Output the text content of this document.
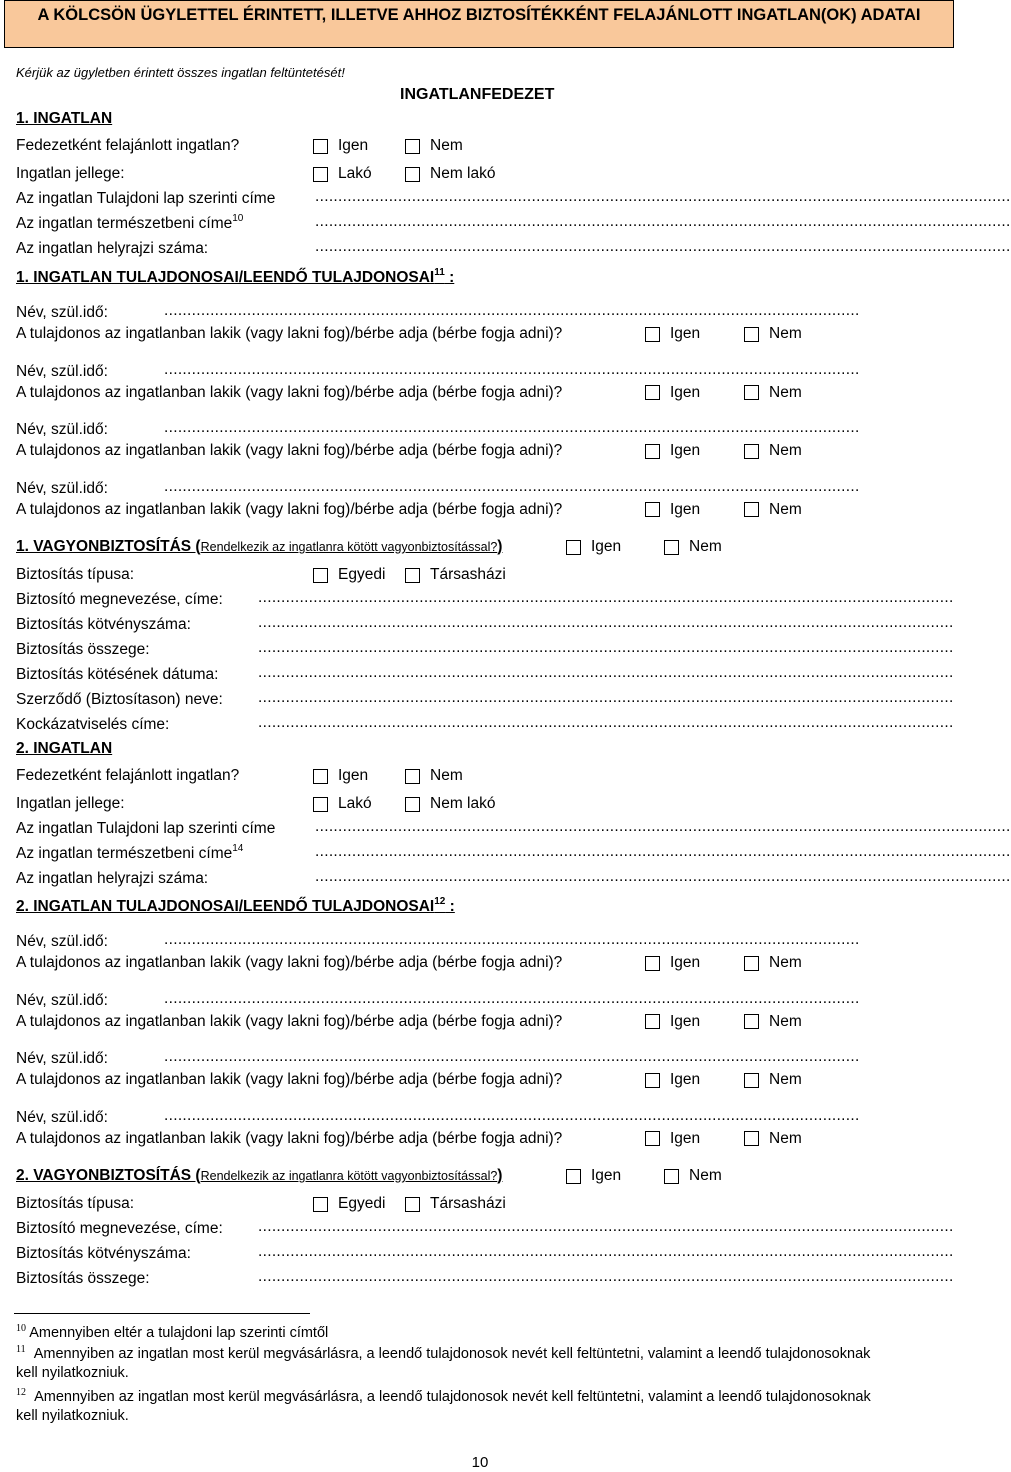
A KÖLCSÖN ÜGYLETTEL ÉRINTETT, ILLETVE AHHOZ BIZTOSÍTÉKKÉNT FELAJÁNLOTT INGATLAN(OK) ADATAI
Kérjük az ügyletben érintett összes ingatlan feltüntetését!
INGATLANFEDEZET
1. INGATLAN
Fedezetként felajánlott ingatlan?	Igen	Nem
Ingatlan jellege:	Lakó	Nem lakó
Az ingatlan Tulajdoni lap szerinti címe	.......................................................................................................................................................
Az ingatlan természetbeni címe$^{10}$	.......................................................................................................................................................
Az ingatlan helyrajzi száma:	.......................................................................................................................................................
1. INGATLAN TULAJDONOSAI/LEENDŐ TULAJDONOSAI$^{11}$ :
Név, szül.idő:	.......................................................................................................................................................
A tulajdonos az ingatlanban lakik (vagy lakni fog)/bérbe adja (bérbe fogja adni)?	Igen	Nem
Név, szül.idő:	.......................................................................................................................................................
A tulajdonos az ingatlanban lakik (vagy lakni fog)/bérbe adja (bérbe fogja adni)?	Igen	Nem
Név, szül.idő:	.......................................................................................................................................................
A tulajdonos az ingatlanban lakik (vagy lakni fog)/bérbe adja (bérbe fogja adni)?	Igen	Nem
Név, szül.idő:	.......................................................................................................................................................
A tulajdonos az ingatlanban lakik (vagy lakni fog)/bérbe adja (bérbe fogja adni)?	Igen	Nem
1. VAGYONBIZTOSÍTÁS (Rendelkezik az ingatlanra kötött vagyonbiztosítással?)	Igen	Nem
Biztosítás típusa:	Egyedi	Társasházi
Biztosító megnevezése, címe: .......................................................................................................................................................
Biztosítás kötvényszáma:	.......................................................................................................................................................
Biztosítás összege:	.......................................................................................................................................................
Biztosítás kötésének dátuma:	.......................................................................................................................................................
Szerződő (Biztosítason) neve: .......................................................................................................................................................
Kockázatviselés címe:	.......................................................................................................................................................
2. INGATLAN
Fedezetként felajánlott ingatlan?	Igen	Nem
Ingatlan jellege:	Lakó	Nem lakó
Az ingatlan Tulajdoni lap szerinti címe	.......................................................................................................................................................
Az ingatlan természetbeni címe$^{14}$	.......................................................................................................................................................
Az ingatlan helyrajzi száma:	.......................................................................................................................................................
2. INGATLAN TULAJDONOSAI/LEENDŐ TULAJDONOSAI$^{12}$ :
Név, szül.idő:	.......................................................................................................................................................
A tulajdonos az ingatlanban lakik (vagy lakni fog)/bérbe adja (bérbe fogja adni)?	Igen	Nem
Név, szül.idő:	.......................................................................................................................................................
A tulajdonos az ingatlanban lakik (vagy lakni fog)/bérbe adja (bérbe fogja adni)?	Igen	Nem
Név, szül.idő:	.......................................................................................................................................................
A tulajdonos az ingatlanban lakik (vagy lakni fog)/bérbe adja (bérbe fogja adni)?	Igen	Nem
Név, szül.idő:	.......................................................................................................................................................
A tulajdonos az ingatlanban lakik (vagy lakni fog)/bérbe adja (bérbe fogja adni)?	Igen	Nem
2. VAGYONBIZTOSÍTÁS (Rendelkezik az ingatlanra kötött vagyonbiztosítással?)	Igen	Nem
Biztosítás típusa:	Egyedi	Társasházi
Biztosító megnevezése, címe: .......................................................................................................................................................
Biztosítás kötvényszáma:	.......................................................................................................................................................
Biztosítás összege:	.......................................................................................................................................................
$^{10}$ Amennyiben eltér a tulajdoni lap szerinti címtől
$^{11}$ Amennyiben az ingatlan most kerül megvásárlásra, a leendő tulajdonosok nevét kell feltüntetni, valamint a leendő tulajdonosoknak kell nyilatkozniuk.
$^{12}$ Amennyiben az ingatlan most kerül megvásárlásra, a leendő tulajdonosok nevét kell feltüntetni, valamint a leendő tulajdonosoknak kell nyilatkozniuk.
10
